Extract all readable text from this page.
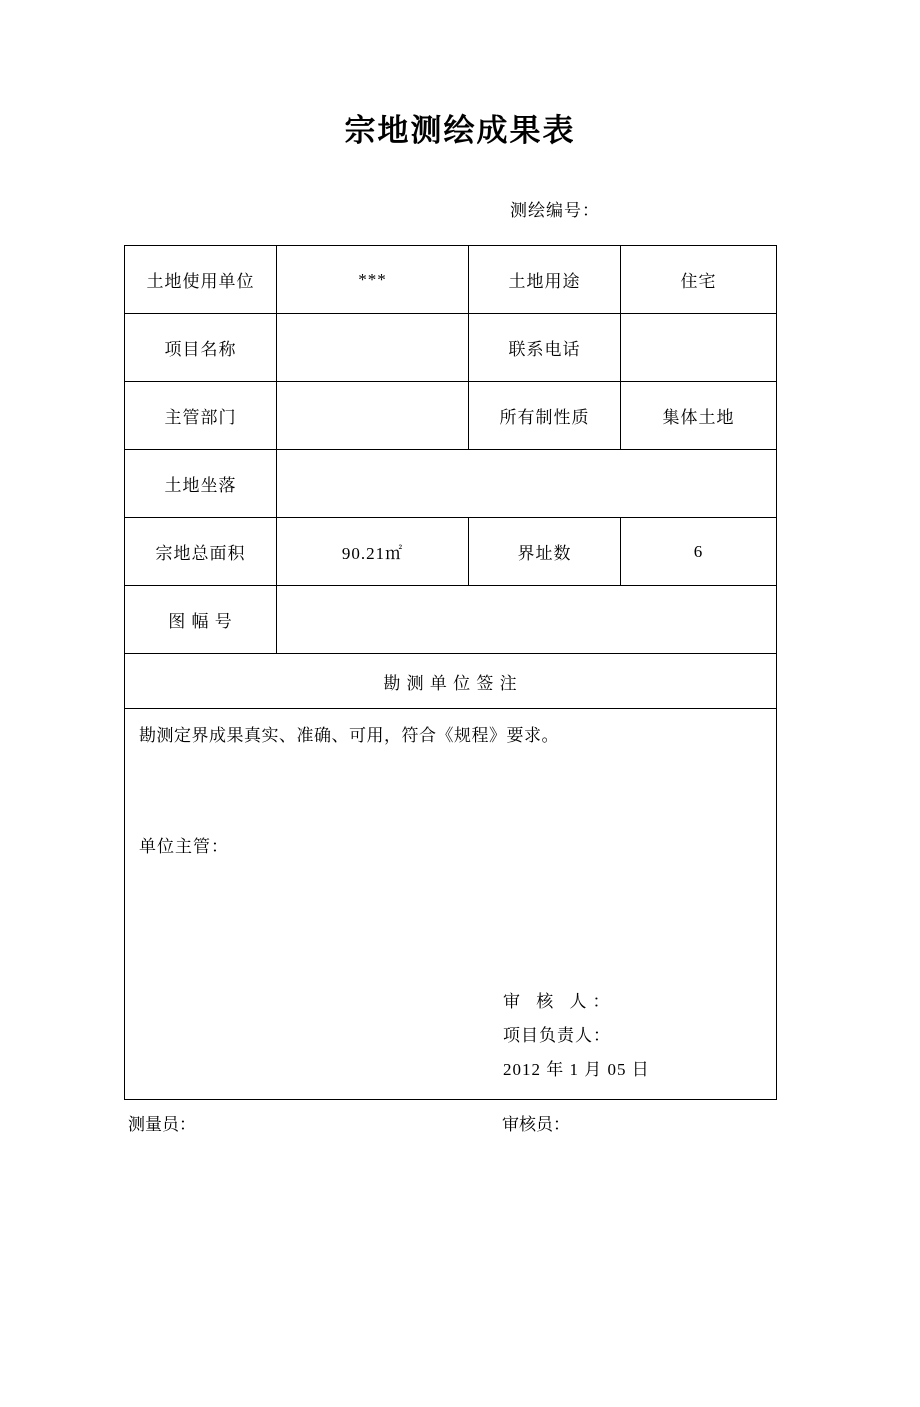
宗地测绘成果表
测绘编号：
土地使用单位	***	土地用途	住宅
项目名称		联系电话	
主管部门		所有制性质	集体土地
土地坐落			
宗地总面积	90.21㎡	界址数	6
图 幅 号			
勘 测 单 位 签 注			

勘测定界成果真实、准确、可用，符合《规程》要求。
单位主管：
审 核 人：
项目负责人：
2012 年 1 月 05 日			
测量员：	审核员：
